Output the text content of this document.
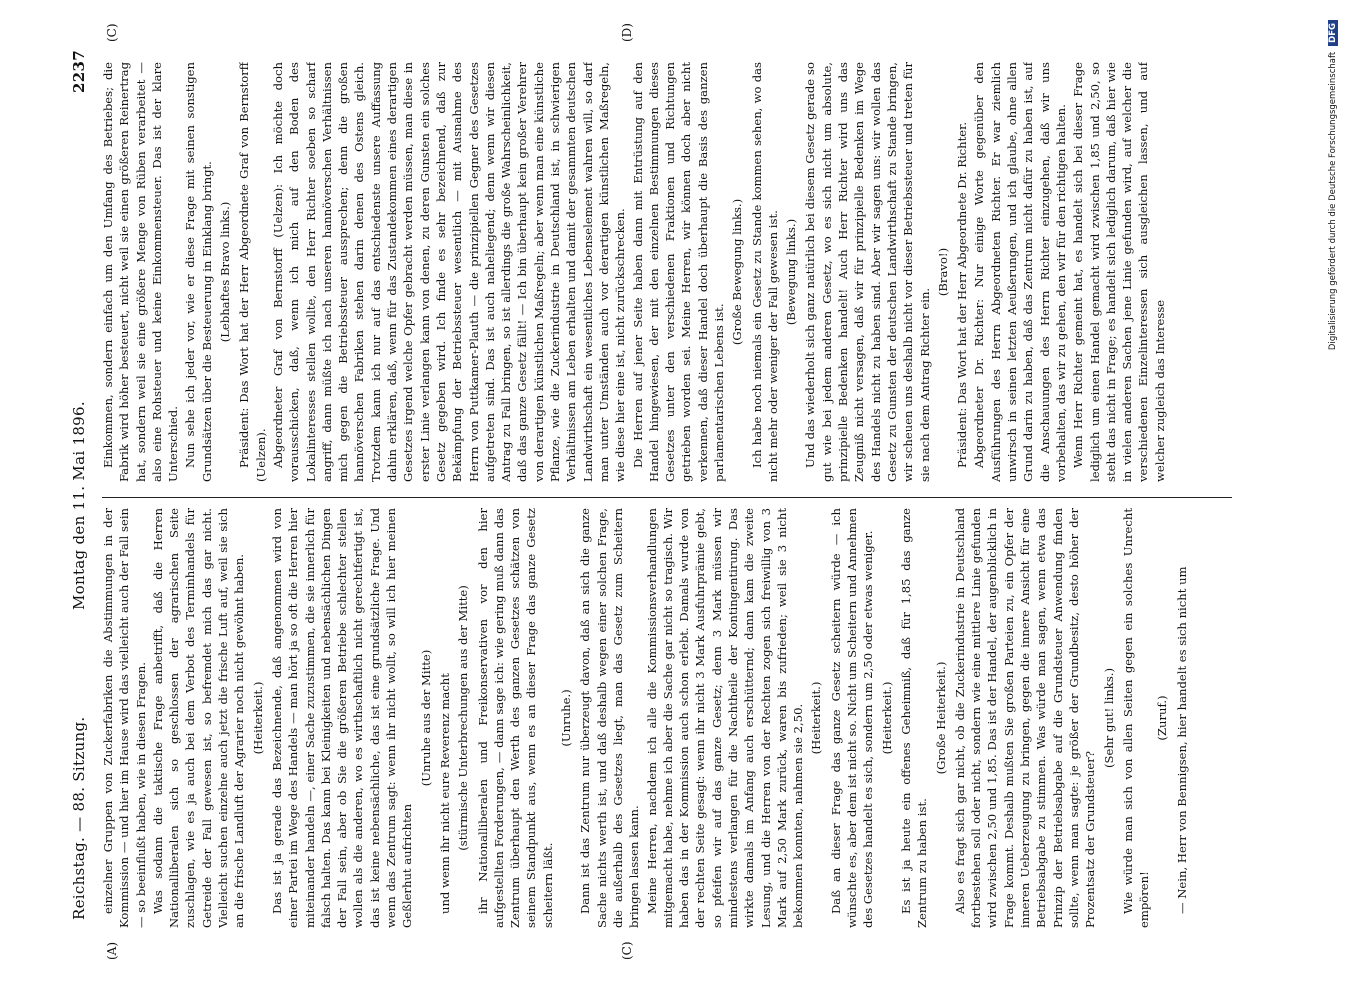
Reichstag. — 88. Sitzung.
Montag den 11. Mai 1896.
2237
(A)	(C)
(C)	(D)

einzelner Gruppen von Zuckerfabriken die Abstimmungen in der Kommission — und hier im Hause wird das vielleicht auch der Fall sein — so beeinflußt haben, wie in diesen Fragen. Was sodann die taktische Frage anbetrifft, daß die Herren Nationalliberalen sich so geschlossen der agrarischen Seite zuschlagen, wie es ja auch bei dem Verbot des Terminhandels für Getreide der Fall gewesen ist, so befremdet mich das gar nicht. Vielleicht suchen einzelne auch jetzt die frische Luft auf, weil sie sich an die frische Landluft der Agrarier noch nicht gewöhnt haben. (Heiterkeit.) Das ist ja gerade das Bezeichnende, daß angenommen wird von einer Partei im Wege des Handels — man hört ja so oft die Herren hier miteinander handeln —, einer Sache zuzustimmen, die sie innerlich für falsch halten. Das kann bei Kleinigkeiten und nebensächlichen Dingen der Fall sein, aber ob Sie die größeren Betriebe schlechter stellen wollen als die anderen, wo es wirthschaftlich nicht gerechtfertigt ist, das ist keine nebensächliche, das ist eine grundsätzliche Frage. Und wenn das Zentrum sagt: wenn ihr nicht wollt, so will ich hier meinen Geßlerhut aufrichten

(Unruhe aus der Mitte) und wenn ihr nicht eure Reverenz macht (stürmische Unterbrechungen aus der Mitte) ihr Nationalliberalen und Freikonservativen vor den hier aufgestellten Forderungen, — dann sage ich: wie gering muß dann das Zentrum überhaupt den Werth des ganzen Gesetzes schätzen von seinem Standpunkt aus, wenn es an dieser Frage das ganze Gesetz scheitern läßt.

(Unruhe.) Dann ist das Zentrum nur überzeugt davon, daß an sich die ganze Sache nichts werth ist, und daß deshalb wegen einer solchen Frage, die außerhalb des Gesetzes liegt, man das Gesetz zum Scheitern bringen lassen kann. Meine Herren, nachdem ich alle die Kommissionsverhandlungen mitgemacht habe, nehme ich aber die Sache gar nicht so tragisch. Wir haben das in der Kommission auch schon erlebt. Damals wurde von der rechten Seite gesagt: wenn ihr nicht 3 Mark Ausfuhrprämie gebt, so pfeifen wir auf das ganze Gesetz; denn 3 Mark müssen wir mindestens verlangen für die Nachtheile der Kontingentirung. Das wirkte damals im Anfang auch erschütternd; dann kam die zweite Lesung, und die Herren von der Rechten zogen sich freiwillig von 3 Mark auf 2,50 Mark zurück, waren bis zufrieden; weil sie 3 nicht bekommen konnten, nahmen sie 2,50. (Heiterkeit.) Daß an dieser Frage das ganze Gesetz scheitern würde — ich wünschte es, aber dem ist nicht so. Nicht um Scheitern und Annehmen des Gesetzes handelt es sich, sondern um 2,50 oder etwas weniger. (Heiterkeit.) Es ist ja heute ein offenes Geheimniß, daß für 1,85 das ganze Zentrum zu haben ist.

(Große Heiterkeit.) Also es fragt sich gar nicht, ob die Zuckerindustrie in Deutschland fortbestehen soll oder nicht, sondern wie eine mittlere Linie gefunden wird zwischen 2,50 und 1,85. Das ist der Handel, der augenblicklich in Frage kommt. Deshalb mußten Sie großen Parteien zu, ein Opfer der inneren Ueberzeugung zu bringen, gegen die innere Ansicht für eine Betriebsabgabe zu stimmen. Was würde man sagen, wenn etwa das Prinzip der Betriebsabgabe auf die Grundsteuer Anwendung finden sollte, wenn man sagte: je größer der Grundbesitz, desto höher der Prozentsatz der Grundsteuer?

(Sehr gut! links.) Wie würde man sich von allen Seiten gegen ein solches Unrecht empören!

(Zuruf.) — Nein, Herr von Bennigsen, hier handelt es sich nicht um

Einkommen, sondern einfach um den Umfang des Betriebes; die Fabrik wird höher besteuert, nicht weil sie einen größeren Reinertrag hat, sondern weil sie eine größere Menge von Rüben verarbeitet — also eine Rohsteuer und keine Einkommensteuer. Das ist der klare Unterschied. Nun sehe ich jeder vor, wie er diese Frage mit seinen sonstigen Grundsätzen über die Besteuerung in Einklang bringt. (Lebhaftes Bravo links.) Präsident: Das Wort hat der Herr Abgeordnete Graf von Bernstorff (Uelzen). Abgeordneter Graf von Bernstorff (Uelzen): Ich möchte doch vorausschicken, daß, wenn ich mich auf den Boden des Lokalinteresses stellen wollte, den Herr Richter soeben so scharf angriff, dann müßte ich nach unseren hannöverschen Verhältnissen mich gegen die Betriebssteuer aussprechen; denn die großen hannöverschen Fabriken stehen darin denen des Ostens gleich. Trotzdem kann ich nur auf das entschiedenste unsere Auffassung dahin erklären, daß, wenn für das Zustandekommen eines derartigen Gesetzes irgend welche Opfer gebracht werden müssen, man diese in erster Linie verlangen kann von denen, zu deren Gunsten ein solches Gesetz gegeben wird. Ich finde es sehr bezeichnend, daß zur Bekämpfung der Betriebssteuer wesentlich — mit Ausnahme des Herrn von Puttkamer-Plauth — die prinzipiellen Gegner des Gesetzes aufgetreten sind. Das ist auch naheliegend; denn wenn wir diesen Antrag zu Fall bringen, so ist allerdings die große Wahrscheinlichkeit, daß das ganze Gesetz fällt! — Ich bin überhaupt kein großer Verehrer von derartigen künstlichen Maßregeln; aber wenn man eine künstliche Pflanze, wie die Zuckerindustrie in Deutschland ist, in schwierigen Verhältnissen am Leben erhalten und damit der gesammten deutschen Landwirthschaft ein wesentliches Lebenselement wahren will, so darf man unter Umständen auch vor derartigen künstlichen Maßregeln, wie diese hier eine ist, nicht zurückschrecken. Die Herren auf jener Seite haben dann mit Entrüstung auf den Handel hingewiesen, der mit den einzelnen Bestimmungen dieses Gesetzes unter den verschiedenen Fraktionen und Richtungen getrieben worden sei. Meine Herren, wir können doch aber nicht verkennen, daß dieser Handel doch überhaupt die Basis des ganzen parlamentarischen Lebens ist.

(Große Bewegung links.) Ich habe noch niemals ein Gesetz zu Stande kommen sehen, wo das nicht mehr oder weniger der Fall gewesen ist. (Bewegung links.) Und das wiederholt sich ganz natürlich bei diesem Gesetz gerade so gut wie bei jedem anderen Gesetz, wo es sich nicht um absolute, prinzipielle Bedenken handelt! Auch Herr Richter wird uns das Zeugniß nicht versagen, daß wir für prinzipielle Bedenken im Wege des Handels nicht zu haben sind. Aber wir sagen uns: wir wollen das Gesetz zu Gunsten der deutschen Landwirthschaft zu Stande bringen, wir scheuen uns deshalb nicht vor dieser Betriebssteuer und treten für sie nach dem Antrag Richter ein.

(Bravo!) Präsident: Das Wort hat der Herr Abgeordnete Dr. Richter. Abgeordneter Dr. Richter: Nur einige Worte gegenüber den Ausführungen des Herrn Abgeordneten Richter. Er war ziemlich unwirsch in seinen letzten Aeußerungen, und ich glaube, ohne allen Grund darin zu haben, daß das Zentrum nicht dafür zu haben ist, auf die Anschauungen des Herrn Richter einzugehen, daß wir uns vorbehalten, das wir zu gehen, den wir für den richtigen halten. Wenn Herr Richter gemeint hat, es handelt sich bei dieser Frage lediglich um einen Handel gemacht wird zwischen 1,85 und 2,50, so steht das nicht in Frage; es handelt sich lediglich darum, daß hier wie in vielen anderen Sachen jene Linie gefunden wird, auf welcher die verschiedenen Einzelinteressen sich ausgleichen lassen, und auf welcher zugleich das Interesse

Digitalisierung gefördert durch die Deutsche ForschungsgemeinschaftDFG
